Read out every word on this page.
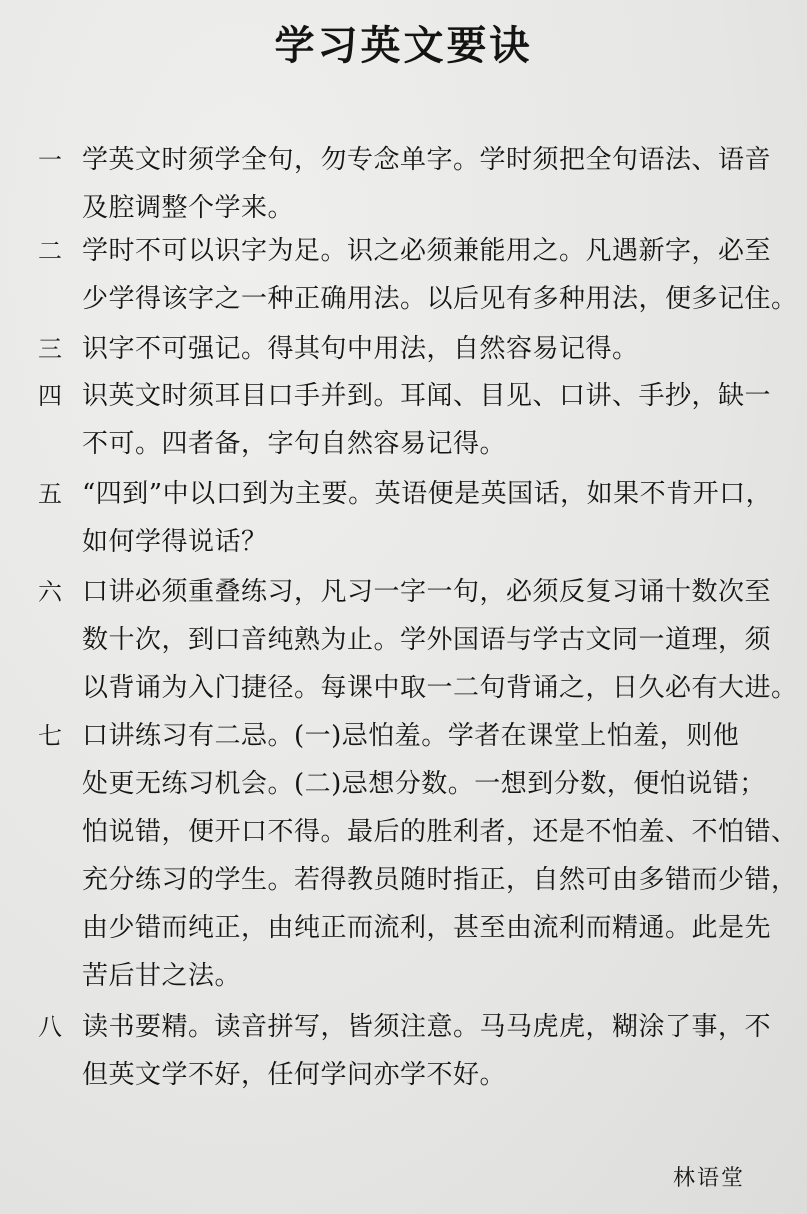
学习英文要诀
一 学英文时须学全句，勿专念单字。学时须把全句语法、语音
及腔调整个学来。
二 学时不可以识字为足。识之必须兼能用之。凡遇新字，必至
少学得该字之一种正确用法。以后见有多种用法，便多记住。
三 识字不可强记。得其句中用法，自然容易记得。
四 识英文时须耳目口手并到。耳闻、目见、口讲、手抄，缺一
不可。四者备，字句自然容易记得。
五 “四到”中以口到为主要。英语便是英国话，如果不肯开口，
如何学得说话？
六 口讲必须重叠练习，凡习一字一句，必须反复习诵十数次至
数十次，到口音纯熟为止。学外国语与学古文同一道理，须
以背诵为入门捷径。每课中取一二句背诵之，日久必有大进。
七 口讲练习有二忌。(一)忌怕羞。学者在课堂上怕羞，则他
处更无练习机会。(二)忌想分数。一想到分数，便怕说错；
怕说错，便开口不得。最后的胜利者，还是不怕羞、不怕错、
充分练习的学生。若得教员随时指正，自然可由多错而少错，
由少错而纯正，由纯正而流利，甚至由流利而精通。此是先
苦后甘之法。
八 读书要精。读音拼写，皆须注意。马马虎虎，糊涂了事，不
但英文学不好，任何学问亦学不好。
林语堂
